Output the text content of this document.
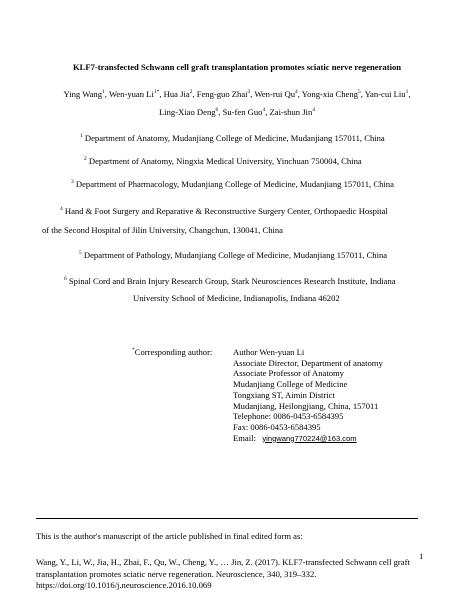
KLF7-transfected Schwann cell graft transplantation promotes sciatic nerve regeneration
Ying Wang$^1$, Wen-yuan $Li^{1*}$, Hua Jia$^2$, Feng-guo Zhai$^3$, Wen-rui Qu$^4$, Yong-xia Cheng$^5$, Yan-cui Liu$^1$,
Ling-Xiao Deng$^6$, Su-fen Guo$^4$, Zai-shun Jin$^4$
$^1$ Department of Anatomy, Mudanjiang College of Medicine, Mudanjiang 157011, China
$^2$ Department of Anatomy, Ningxia Medical University, Yinchuan 750004, China
$^3$ Department of Pharmacology, Mudanjiang College of Medicine, Mudanjiang 157011, China
$^4$ Hand & Foot Surgery and Reparative & Reconstructive Surgery Center, Orthopaedic Hospital
of the Second Hospital of Jilin University, Changchun, 130041, China
$^5$ Department of Pathology, Mudanjiang College of Medicine, Mudanjiang 157011, China
$^6$ Spinal Cord and Brain Injury Research Group, Stark Neurosciences Research Institute, Indiana
University School of Medicine, Indianapolis, Indiana 46202
*Corresponding author: Author Wen-yuan Li
Associate Director, Department of anatomy
Associate Professor of Anatomy
Mudanjiang College of Medicine
Tongxiang ST, Aimin District
Mudanjiang, Heilongjiang, China, 157011
Telephone: 0086-0453-6584395
Fax: 0086-0453-6584395
Email: yingwang770224@163.com
This is the author's manuscript of the article published in final edited form as:
Wang, Y., Li, W., Jia, H., Zhai, F., Qu, W., Cheng, Y., … Jin, Z. (2017). KLF7-transfected Schwann cell graft transplantation promotes sciatic nerve regeneration. Neuroscience, 340, 319–332. https://doi.org/10.1016/j.neuroscience.2016.10.069
1
